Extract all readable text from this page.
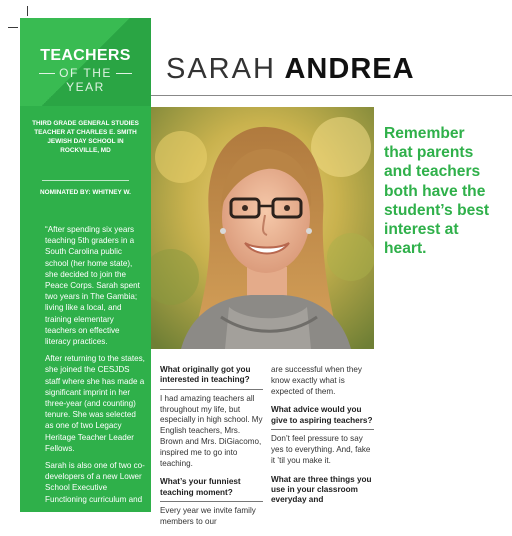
TEACHERS
OF THE
YEAR
THIRD GRADE GENERAL STUDIES TEACHER AT CHARLES E. SMITH JEWISH DAY SCHOOL IN ROCKVILLE, MD
NOMINATED BY: WHITNEY W.

“After spending six years teaching 5th graders in a South Carolina public school (her home state), she decided to join the Peace Corps. Sarah spent two years in The Gambia; living like a local, and training elementary teachers on effective literacy practices.

After returning to the states, she joined the CESJDS staff where she has made a significant imprint in her three-year (and counting) tenure. She was selected as one of two Legacy Heritage Teacher Leader Fellows.

Sarah is also one of two co-developers of a new Lower School Executive Functioning curriculum and

SARAH ANDREA
Remember that parents and teachers both have the student’s best interest at heart.
What originally got you interested in teaching?
I had amazing teachers all throughout my life, but especially in high school. My English teachers, Mrs. Brown and Mrs. DiGiacomo, inspired me to go into teaching.
What’s your funniest teaching moment?
Every year we invite family members to our
are successful when they know exactly what is expected of them.
What advice would you give to aspiring teachers?
Don’t feel pressure to say yes to everything. And, fake it ’til you make it.
What are three things you use in your classroom everyday and
